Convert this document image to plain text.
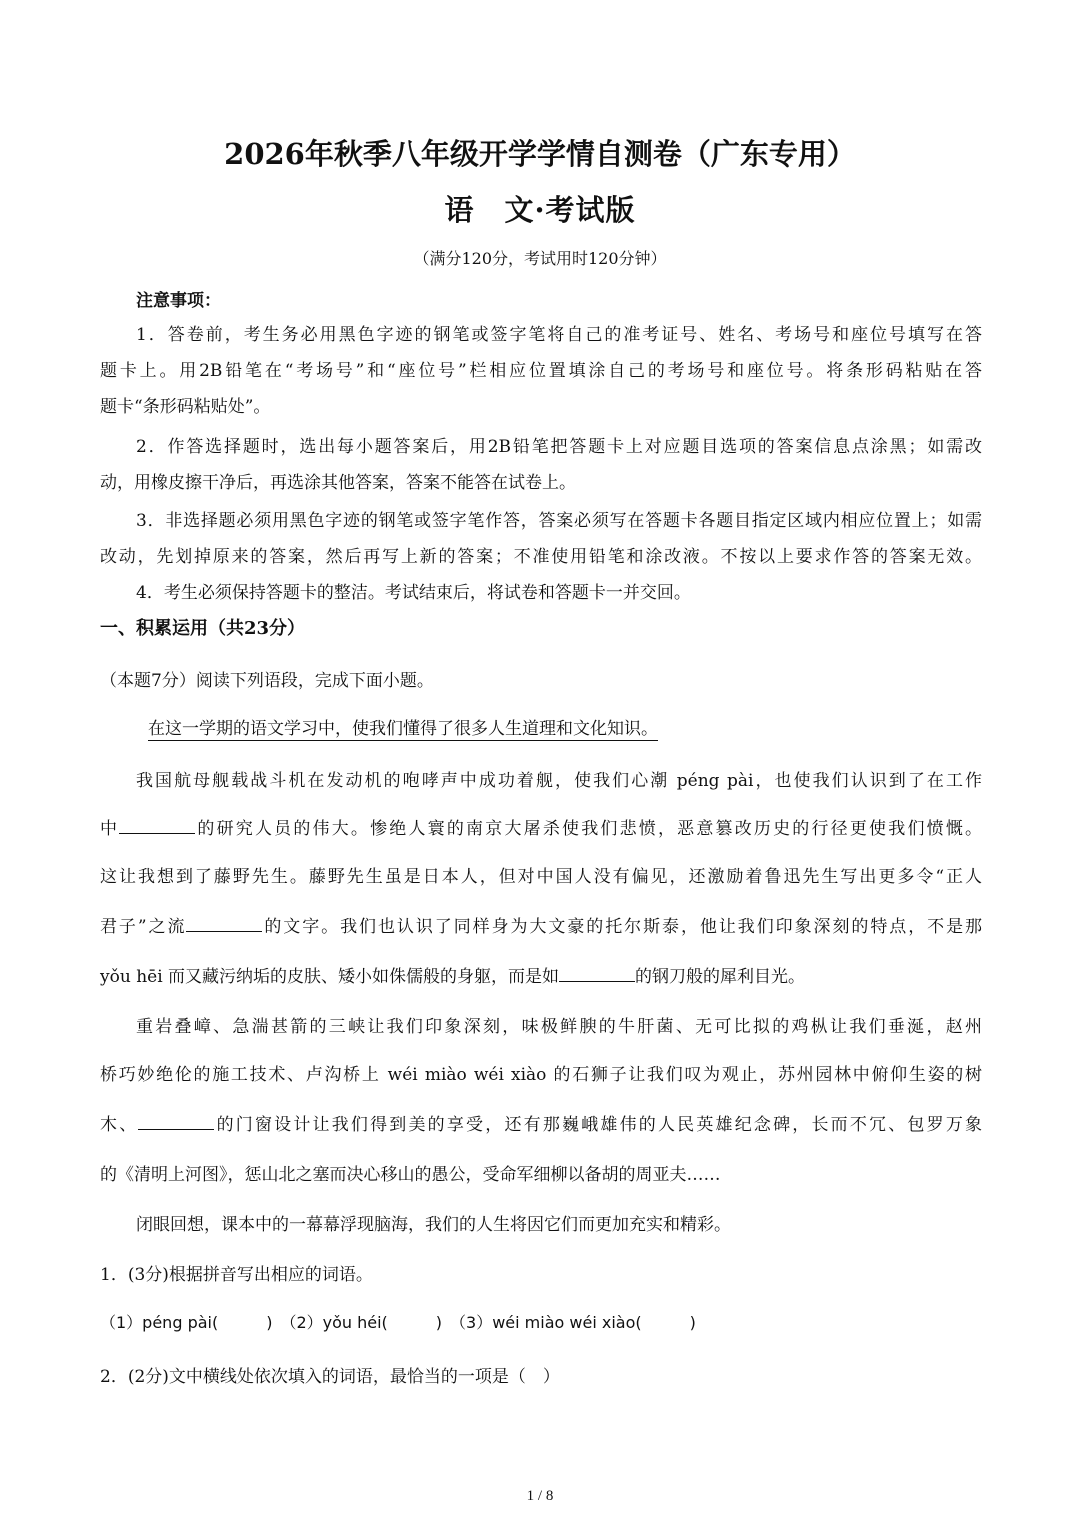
2026年秋季八年级开学学情自测卷（广东专用）
语　文·考试版
（满分120分，考试用时120分钟）
注意事项：
1．答卷前，考生务必用黑色字迹的钢笔或签字笔将自己的准考证号、姓名、考场号和座位号填写在答
题卡上。用2B铅笔在“考场号”和“座位号”栏相应位置填涂自己的考场号和座位号。将条形码粘贴在答
题卡“条形码粘贴处”。
2．作答选择题时，选出每小题答案后，用2B铅笔把答题卡上对应题目选项的答案信息点涂黑；如需改
动，用橡皮擦干净后，再选涂其他答案，答案不能答在试卷上。
3．非选择题必须用黑色字迹的钢笔或签字笔作答，答案必须写在答题卡各题目指定区域内相应位置上；如需
改动，先划掉原来的答案，然后再写上新的答案；不准使用铅笔和涂改液。不按以上要求作答的答案无效。
4．考生必须保持答题卡的整洁。考试结束后，将试卷和答题卡一并交回。
一、积累运用（共23分）
（本题7分）阅读下列语段，完成下面小题。
在这一学期的语文学习中，使我们懂得了很多人生道理和文化知识。
我国航母舰载战斗机在发动机的咆哮声中成功着舰，使我们心潮 péng pài，也使我们认识到了在工作
中	的研究人员的伟大。惨绝人寰的南京大屠杀使我们悲愤，恶意篡改历史的行径更使我们愤慨。
这让我想到了藤野先生。藤野先生虽是日本人，但对中国人没有偏见，还激励着鲁迅先生写出更多令“正人
君子”之流	的文字。我们也认识了同样身为大文豪的托尔斯泰，他让我们印象深刻的特点，不是那
yǒu hēi 而又藏污纳垢的皮肤、矮小如侏儒般的身躯，而是如	的钢刀般的犀利目光。
重岩叠嶂、急湍甚箭的三峡让我们印象深刻，味极鲜腴的牛肝菌、无可比拟的鸡枞让我们垂涎，赵州
桥巧妙绝伦的施工技术、卢沟桥上 wéi miào wéi xiào 的石狮子让我们叹为观止，苏州园林中俯仰生姿的树
木、	的门窗设计让我们得到美的享受，还有那巍峨雄伟的人民英雄纪念碑，长而不冗、包罗万象
的《清明上河图》，惩山北之塞而决心移山的愚公，受命军细柳以备胡的周亚夫……
闭眼回想，课本中的一幕幕浮现脑海，我们的人生将因它们而更加充实和精彩。
1．(3分)根据拼音写出相应的词语。
（1）péng pài(　　　)　（2）yǒu héi(　　　)　（3）wéi miào wéi xiào(　　　)
2．(2分)文中横线处依次填入的词语，最恰当的一项是（　）
1 / 8
